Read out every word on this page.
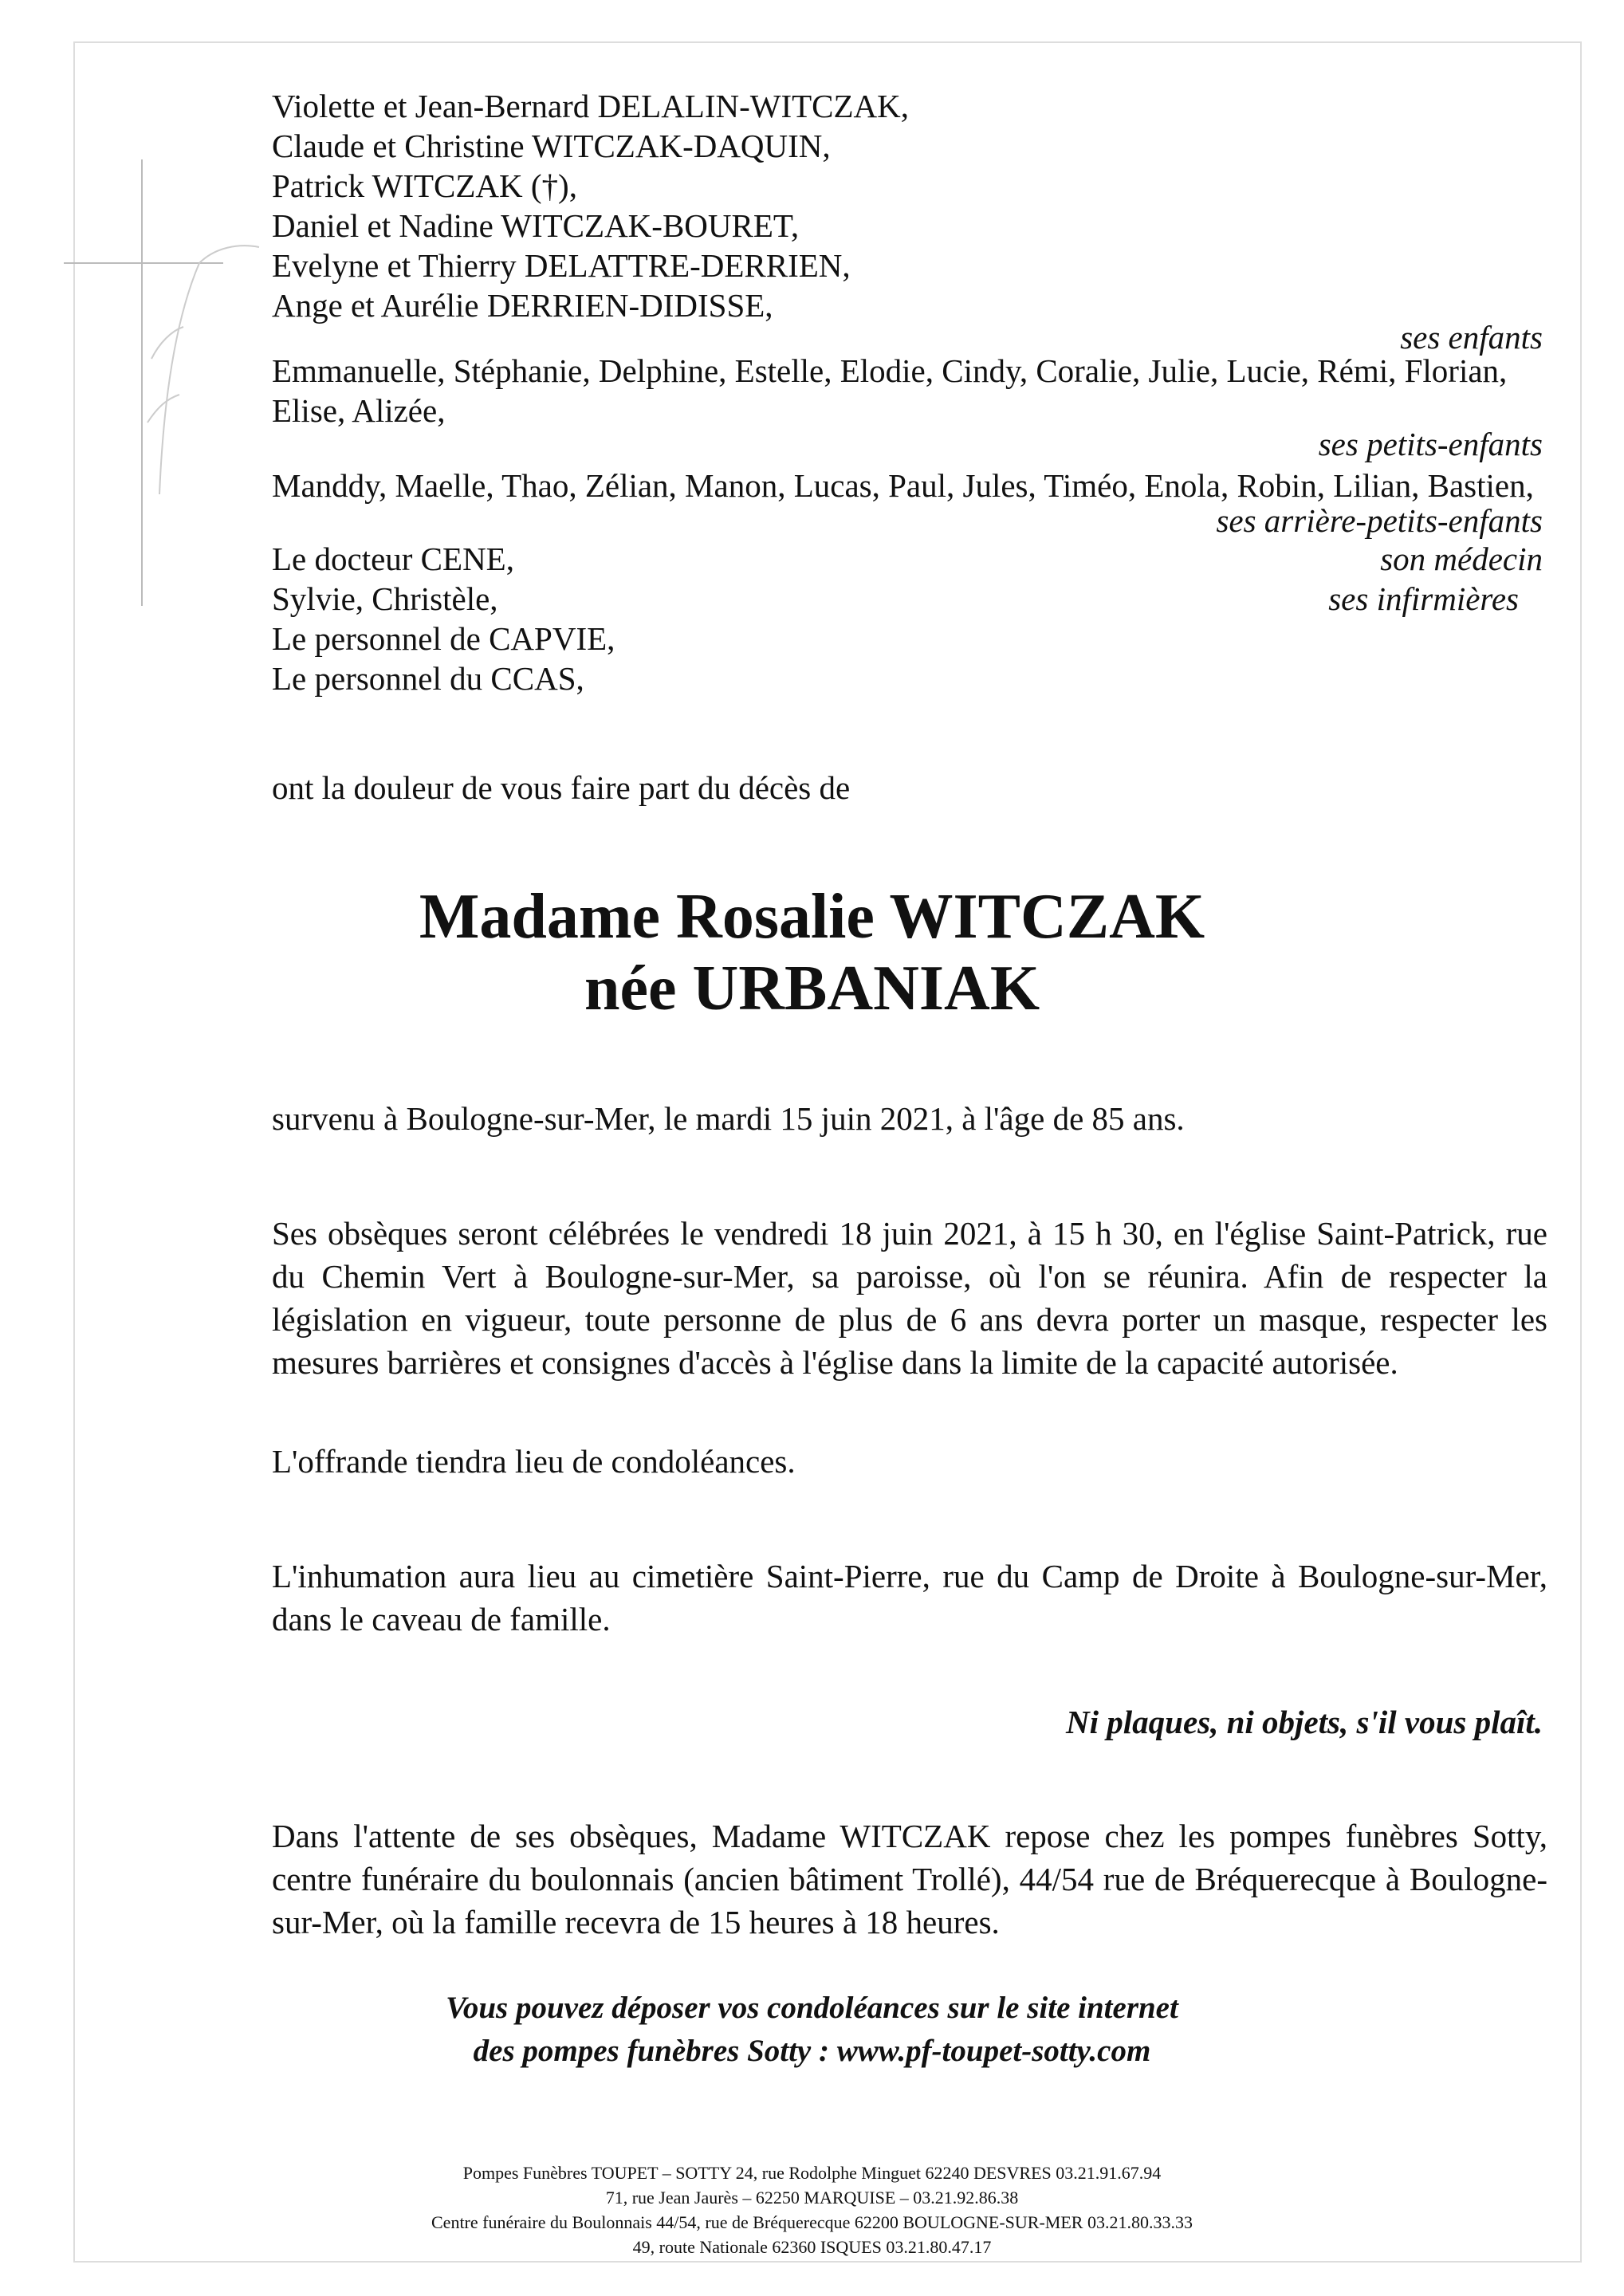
Violette et Jean-Bernard DELALIN-WITCZAK,
Claude et Christine WITCZAK-DAQUIN,
Patrick WITCZAK (†),
Daniel et Nadine WITCZAK-BOURET,
Evelyne et Thierry DELATTRE-DERRIEN,
Ange et Aurélie DERRIEN-DIDISSE,
ses enfants
Emmanuelle, Stéphanie, Delphine, Estelle, Elodie, Cindy, Coralie, Julie, Lucie, Rémi, Florian,
Elise, Alizée,
ses petits-enfants
Manddy, Maelle, Thao, Zélian, Manon, Lucas, Paul, Jules, Timéo, Enola, Robin, Lilian, Bastien,
ses arrière-petits-enfants
Le docteur CENE,	son médecin
Sylvie, Christèle,	ses infirmières
Le personnel de CAPVIE,
Le personnel du CCAS,
ont la douleur de vous faire part du décès de
Madame Rosalie WITCZAK
née URBANIAK
survenu à Boulogne-sur-Mer, le mardi 15 juin 2021, à l'âge de 85 ans.
Ses obsèques seront célébrées le vendredi 18 juin 2021, à 15 h 30, en l'église Saint-Patrick, rue du Chemin Vert à Boulogne-sur-Mer, sa paroisse, où l'on se réunira. Afin de respecter la législation en vigueur, toute personne de plus de 6 ans devra porter un masque, respecter les mesures barrières et consignes d'accès à l'église dans la limite de la capacité autorisée.
L'offrande tiendra lieu de condoléances.
L'inhumation aura lieu au cimetière Saint-Pierre, rue du Camp de Droite à Boulogne-sur-Mer, dans le caveau de famille.
Ni plaques, ni objets, s'il vous plaît.
Dans l'attente de ses obsèques, Madame WITCZAK repose chez les pompes funèbres Sotty, centre funéraire du boulonnais (ancien bâtiment Trollé), 44/54 rue de Bréquerecque à Boulogne-sur-Mer, où la famille recevra de 15 heures à 18 heures.
Vous pouvez déposer vos condoléances sur le site internet
des pompes funèbres Sotty : www.pf-toupet-sotty.com
Pompes Funèbres TOUPET – SOTTY 24, rue Rodolphe Minguet 62240 DESVRES 03.21.91.67.94
71, rue Jean Jaurès – 62250 MARQUISE – 03.21.92.86.38
Centre funéraire du Boulonnais 44/54, rue de Bréquerecque 62200 BOULOGNE-SUR-MER 03.21.80.33.33
49, route Nationale 62360 ISQUES 03.21.80.47.17
